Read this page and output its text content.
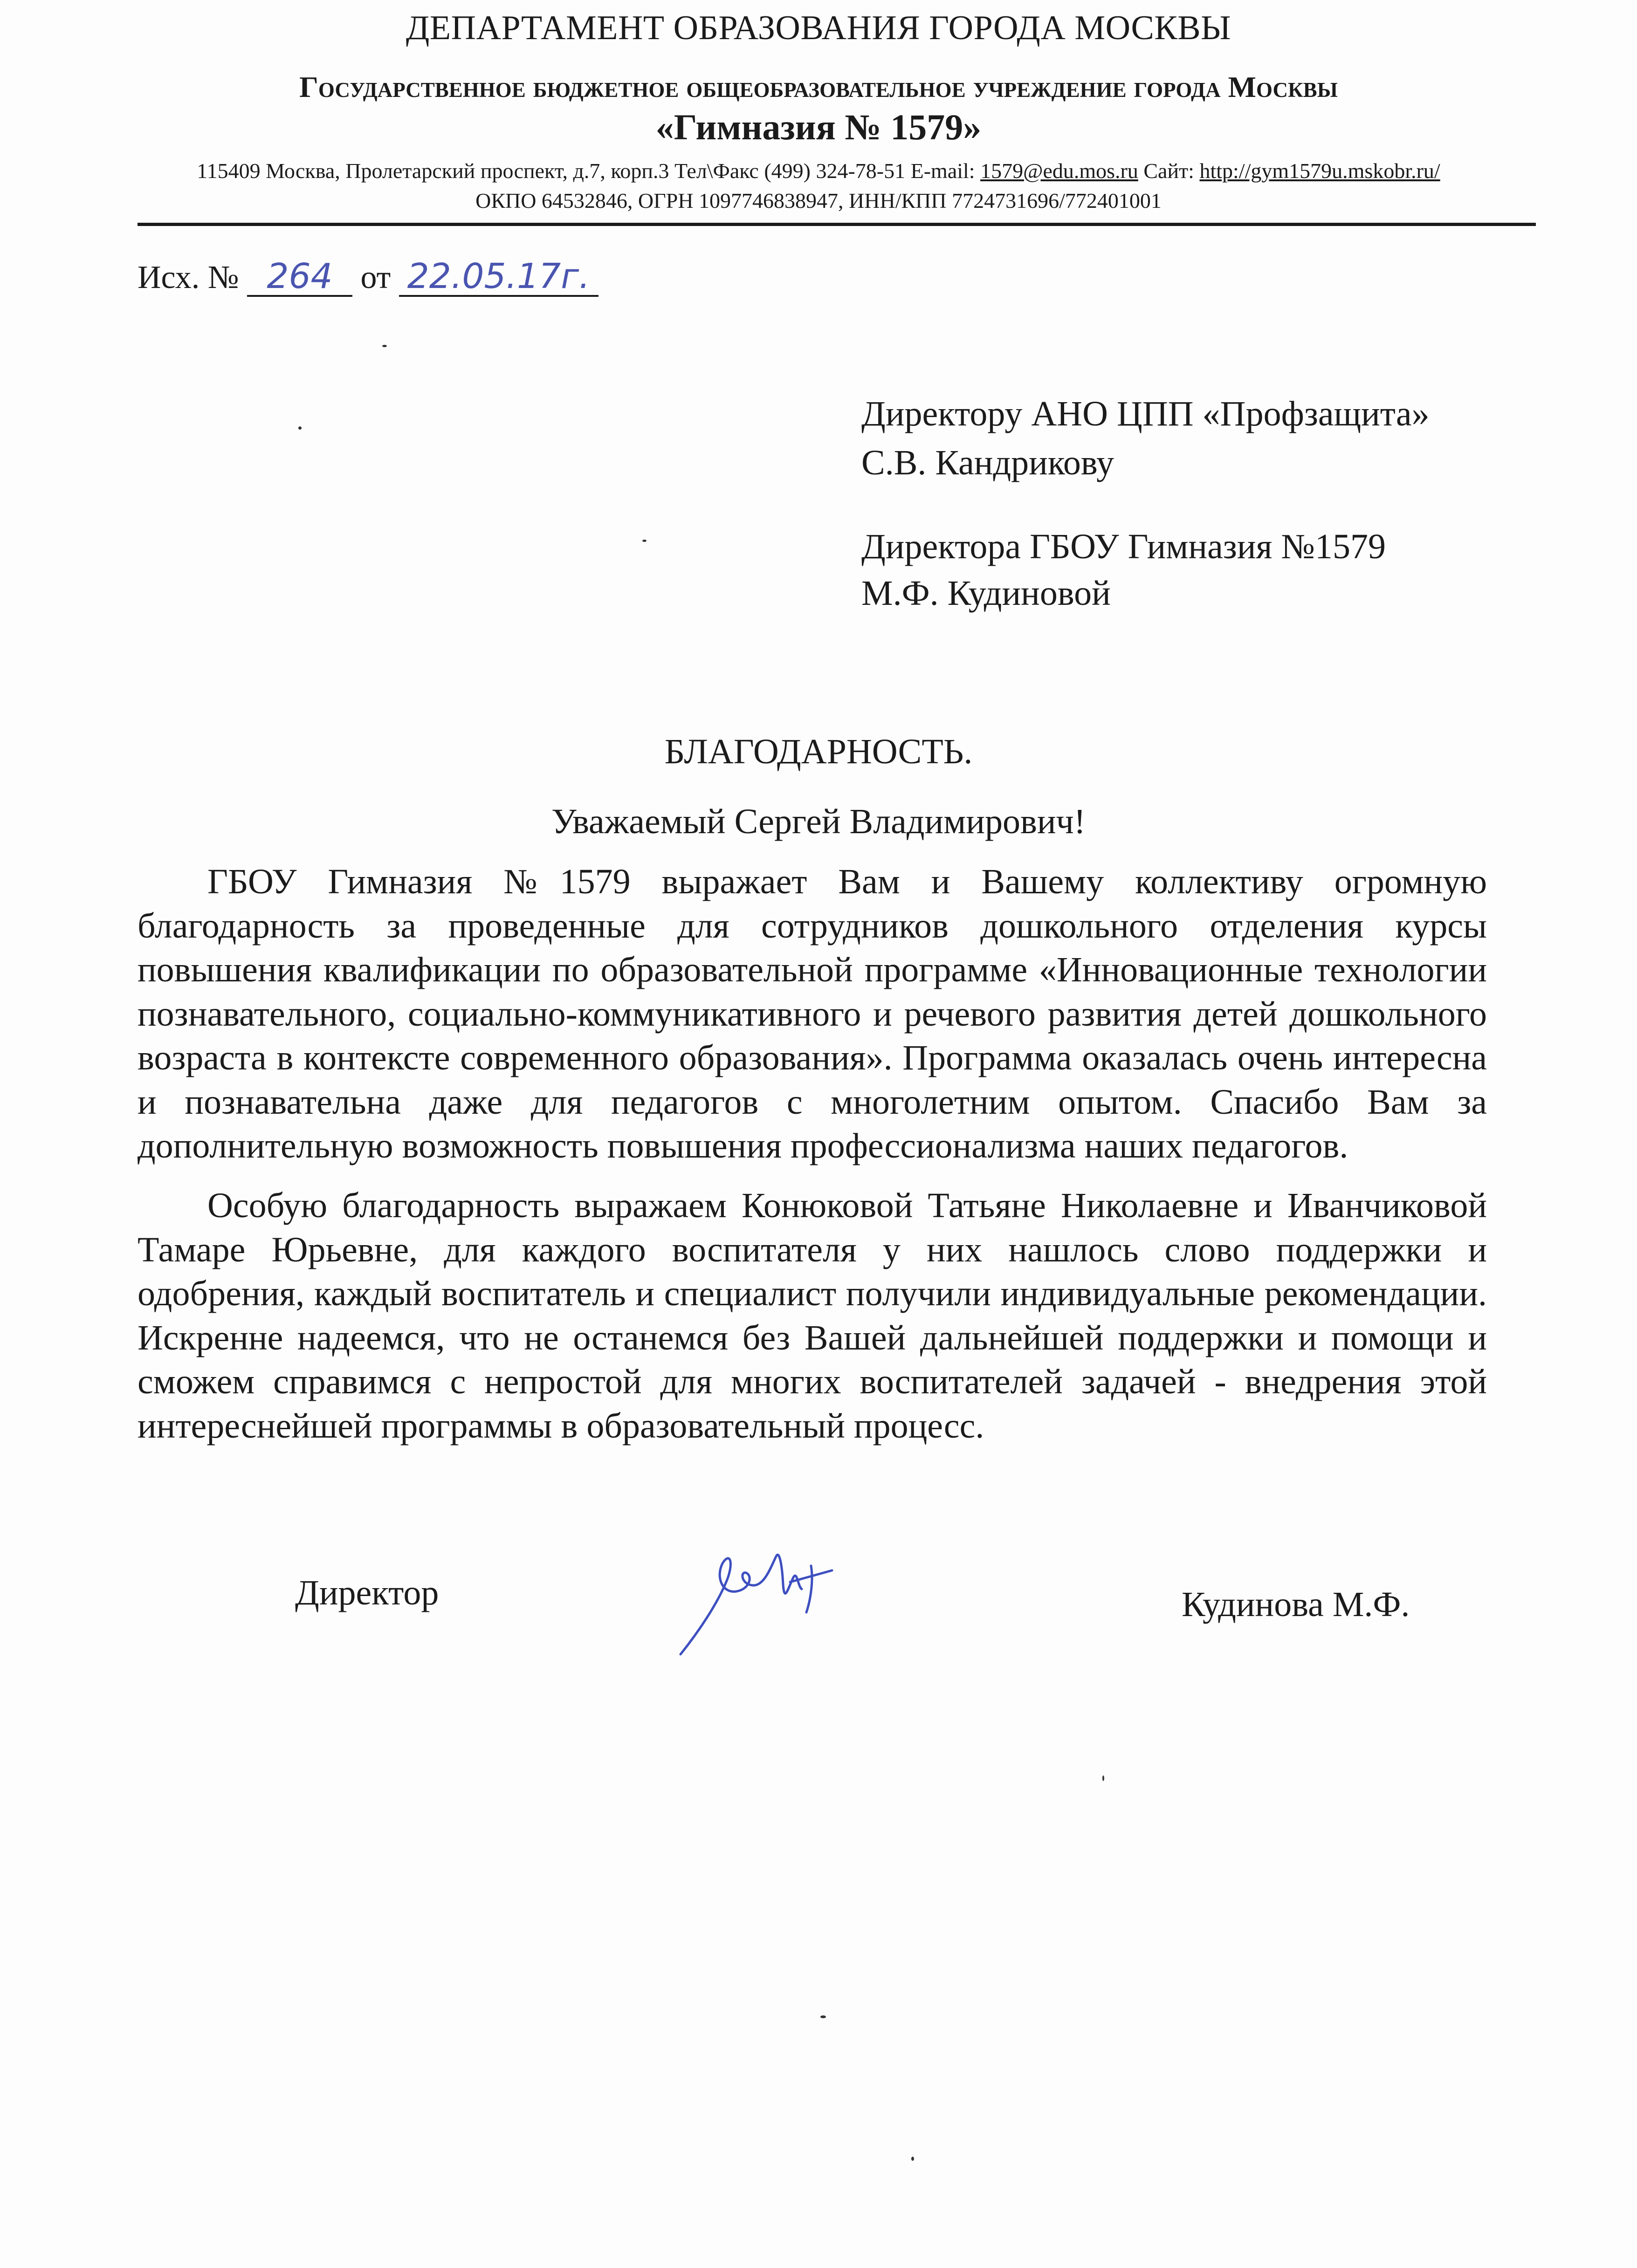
ДЕПАРТАМЕНТ ОБРАЗОВАНИЯ ГОРОДА МОСКВЫ
Государственное бюджетное общеобразовательное учреждение города Москвы
«Гимназия № 1579»
115409 Москва, Пролетарский проспект, д.7, корп.3 Тел\Факс (499) 324-78-51 E-mail: 1579@edu.mos.ru Сайт: http://gym1579u.mskobr.ru/
ОКПО 64532846, ОГРН 1097746838947, ИНН/КПП 7724731696/772401001
Исх. № 264 от 22.05.17г.
Директору АНО ЦПП «Профзащита»
С.В. Кандрикову
Директора ГБОУ Гимназия №1579
М.Ф. Кудиновой
БЛАГОДАРНОСТЬ.
Уважаемый Сергей Владимирович!

ГБОУ Гимназия №1579 выражает Вам и Вашему коллективу огромную благодарность за проведенные для сотрудников дошкольного отделения курсы повышения квалификации по образовательной программе «Инновационные технологии познавательного, социально-коммуникативного и речевого развития детей дошкольного возраста в контексте современного образования». Программа оказалась очень интересна и познавательна даже для педагогов с многолетним опытом. Спасибо Вам за дополнительную возможность повышения профессионализма наших педагогов.

Особую благодарность выражаем Конюковой Татьяне Николаевне и Иванчиковой Тамаре Юрьевне, для каждого воспитателя у них нашлось слово поддержки и одобрения, каждый воспитатель и специалист получили индивидуальные рекомендации. Искренне надеемся, что не останемся без Вашей дальнейшей поддержки и помощи и сможем справимся с непростой для многих воспитателей задачей - внедрения этой интереснейшей программы в образовательный процесс.

Директор	Кудинова М.Ф.
